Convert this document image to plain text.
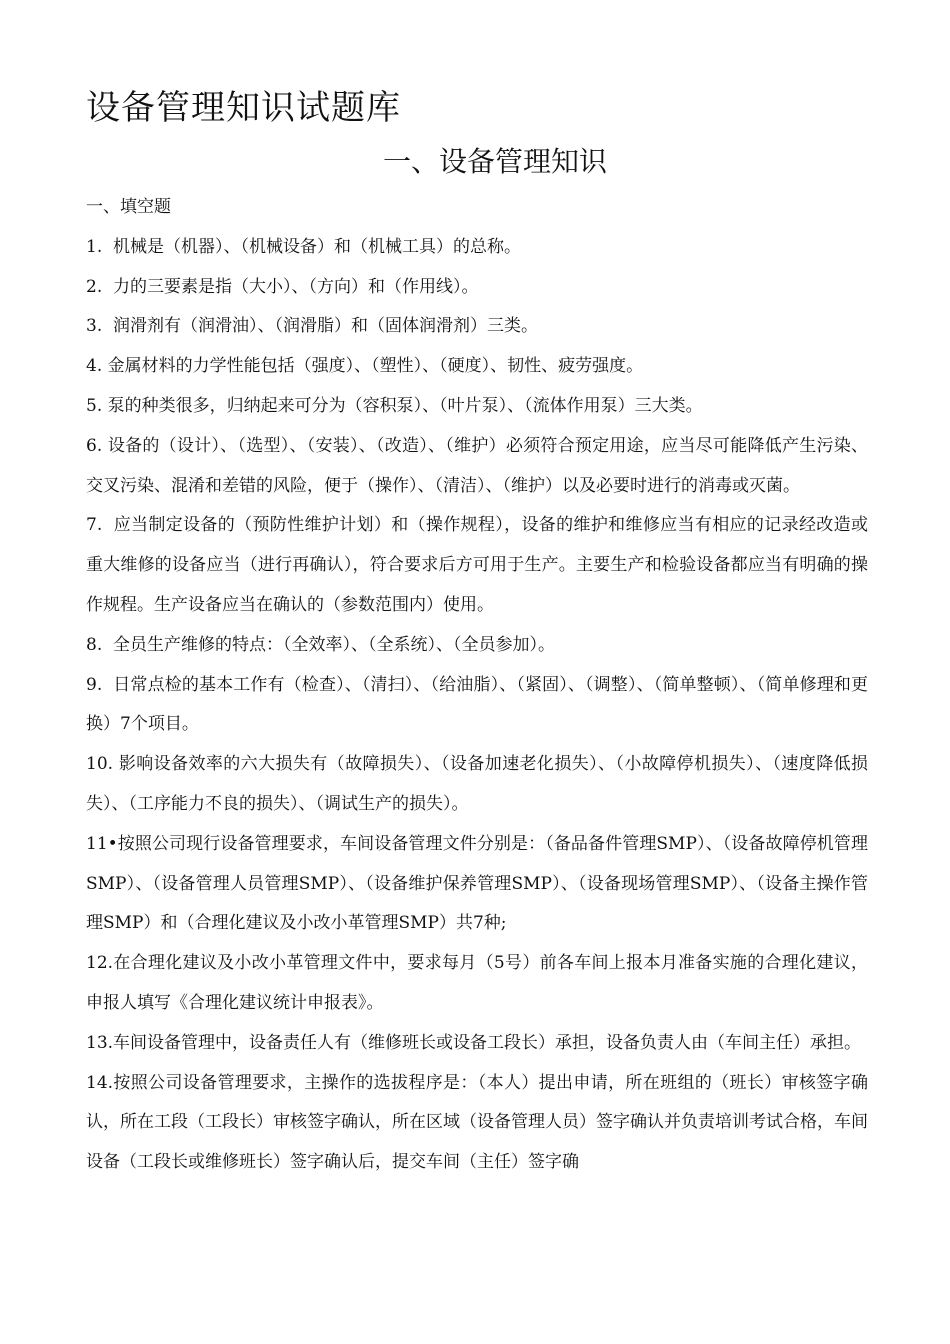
设备管理知识试题库
一、设备管理知识

一、填空题

1.  机械是（机器）、（机械设备）和（机械工具）的总称。

2.  力的三要素是指（大小）、（方向）和（作用线）。

3.  润滑剂有（润滑油）、（润滑脂）和（固体润滑剂）三类。

4. 金属材料的力学性能包括（强度）、（塑性）、（硬度）、韧性、疲劳强度。

5. 泵的种类很多，归纳起来可分为（容积泵）、（叶片泵）、（流体作用泵）三大类。

6. 设备的（设计）、（选型）、（安装）、（改造）、（维护）必须符合预定用途，应当尽可能降低产生污染、交叉污染、混淆和差错的风险，便于（操作）、（清洁）、（维护）以及必要时进行的消毒或灭菌。

7.  应当制定设备的（预防性维护计划）和（操作规程），设备的维护和维修应当有相应的记录经改造或重大维修的设备应当（进行再确认），符合要求后方可用于生产。主要生产和检验设备都应当有明确的操作规程。生产设备应当在确认的（参数范围内）使用。

8.  全员生产维修的特点：（全效率）、（全系统）、（全员参加）。

9.  日常点检的基本工作有（检查）、（清扫）、（给油脂）、（紧固）、（调整）、（简单整顿）、（简单修理和更换）7个项目。

10. 影响设备效率的六大损失有（故障损失）、（设备加速老化损失）、（小故障停机损失）、（速度降低损失）、（工序能力不良的损失）、（调试生产的损失）。

11•按照公司现行设备管理要求，车间设备管理文件分别是：（备品备件管理SMP）、（设备故障停机管理SMP）、（设备管理人员管理SMP）、（设备维护保养管理SMP）、（设备现场管理SMP）、（设备主操作管理SMP）和（合理化建议及小改小革管理SMP）共7种;

12.在合理化建议及小改小革管理文件中，要求每月（5号）前各车间上报本月准备实施的合理化建议，申报人填写《合理化建议统计申报表》。

13.车间设备管理中，设备责任人有（维修班长或设备工段长）承担，设备负责人由（车间主任）承担。

14.按照公司设备管理要求，主操作的选拔程序是：（本人）提出申请，所在班组的（班长）审核签字确认，所在工段（工段长）审核签字确认，所在区域（设备管理人员）签字确认并负责培训考试合格，车间设备（工段长或维修班长）签字确认后，提交车间（主任）签字确
